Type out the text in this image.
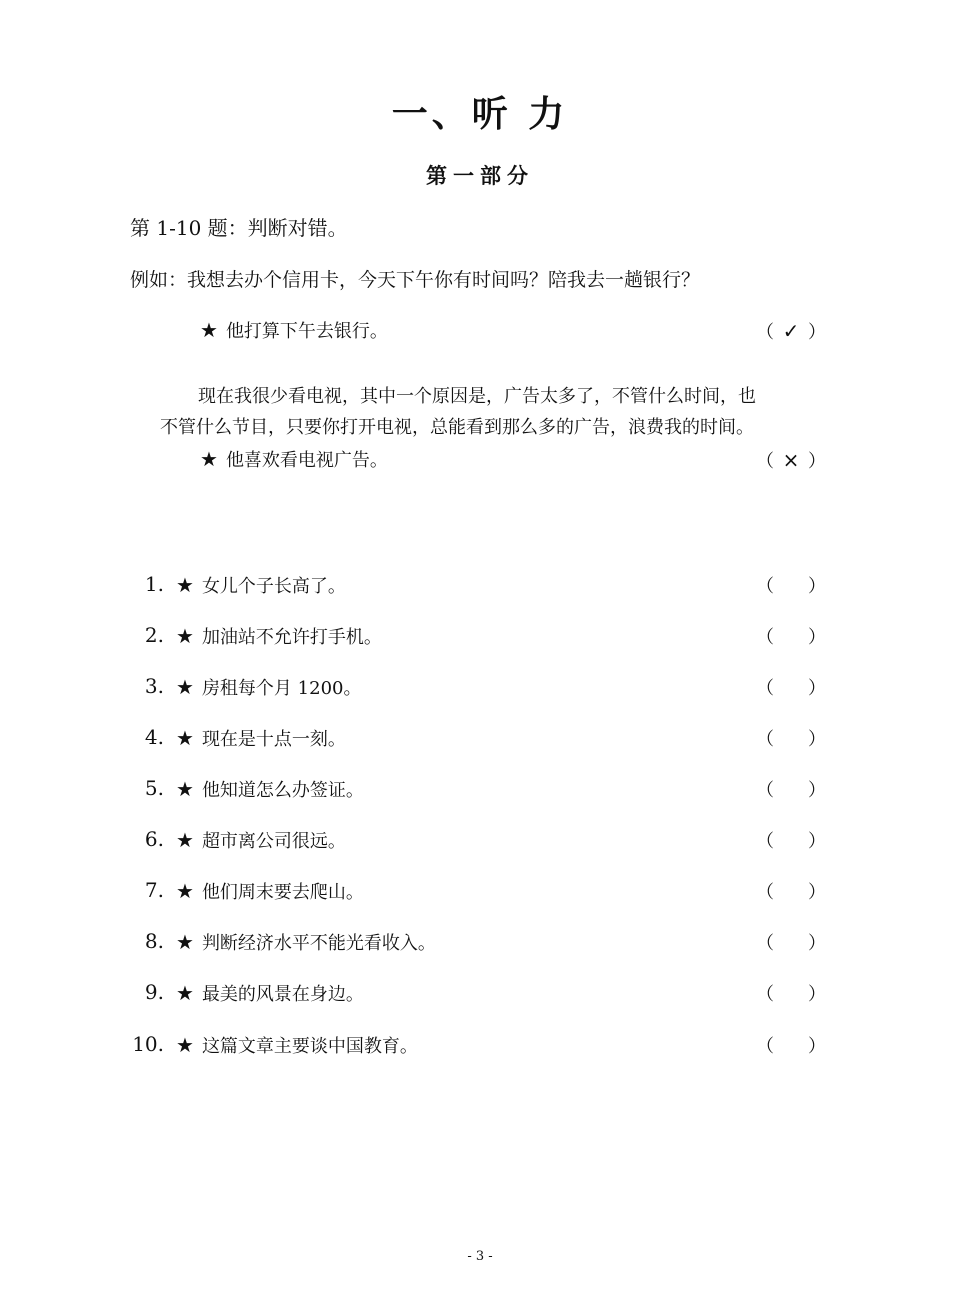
一、听 力
第一部分
第 1-10 题：判断对错。
例如：我想去办个信用卡，今天下午你有时间吗？陪我去一趟银行？
★ 他打算下午去银行。	（ ✓ ）
现在我很少看电视，其中一个原因是，广告太多了，不管什么时间，也
不管什么节目，只要你打开电视，总能看到那么多的广告，浪费我的时间。
★ 他喜欢看电视广告。	（ × ）
1. ★ 女儿个子长高了。	（ ）
2. ★ 加油站不允许打手机。	（ ）
3. ★ 房租每个月 1200。	（ ）
4. ★ 现在是十点一刻。	（ ）
5. ★ 他知道怎么办签证。	（ ）
6. ★ 超市离公司很远。	（ ）
7. ★ 他们周末要去爬山。	（ ）
8. ★ 判断经济水平不能光看收入。	（ ）
9. ★ 最美的风景在身边。	（ ）
10. ★ 这篇文章主要谈中国教育。	（ ）
- 3 -
